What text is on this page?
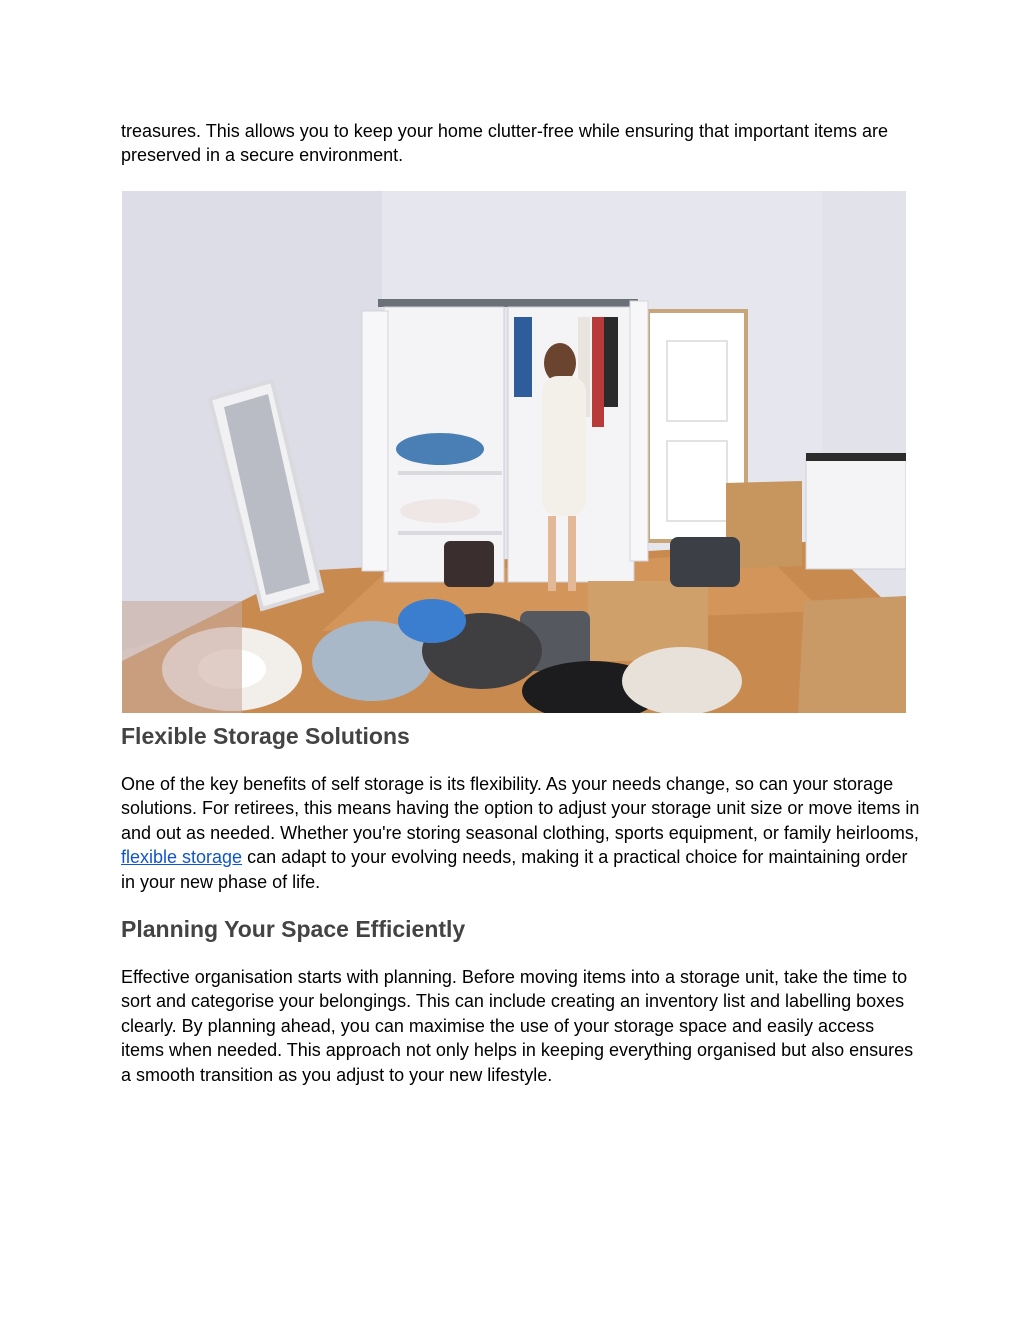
treasures. This allows you to keep your home clutter-free while ensuring that important items are preserved in a secure environment.

Flexible Storage Solutions

One of the key benefits of self storage is its flexibility. As your needs change, so can your storage solutions. For retirees, this means having the option to adjust your storage unit size or move items in and out as needed. Whether you're storing seasonal clothing, sports equipment, or family heirlooms, flexible storage can adapt to your evolving needs, making it a practical choice for maintaining order in your new phase of life.

Planning Your Space Efficiently

Effective organisation starts with planning. Before moving items into a storage unit, take the time to sort and categorise your belongings. This can include creating an inventory list and labelling boxes clearly. By planning ahead, you can maximise the use of your storage space and easily access items when needed. This approach not only helps in keeping everything organised but also ensures a smooth transition as you adjust to your new lifestyle.
